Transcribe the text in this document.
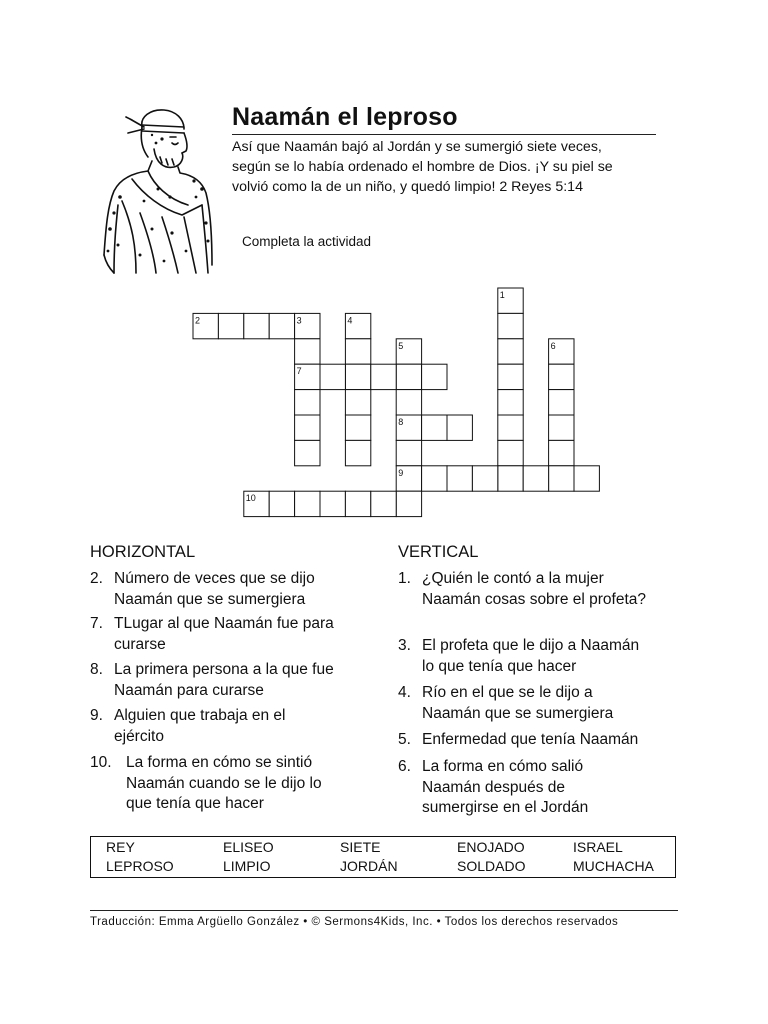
Naamán el leproso
Así que Naamán bajó al Jordán y se sumergió siete veces,
según se lo había ordenado el hombre de Dios. ¡Y su piel se
volvió como la de un niño, y quedó limpio! 2 Reyes 5:14
Completa la actividad
1
2	3	4
5	6
7
8
9
10
HORIZONTAL
2. Número de veces que se dijo
Naamán que se sumergiera
7. TLugar al que Naamán fue para
curarse
8. La primera persona a la que fue
Naamán para curarse
9. Alguien que trabaja en el
ejército
10. La forma en cómo se sintió
Naamán cuando se le dijo lo
que tenía que hacer
VERTICAL
1. ¿Quién le contó a la mujer
Naamán cosas sobre el profeta?
3. El profeta que le dijo a Naamán
lo que tenía que hacer
4. Río en el que se le dijo a
Naamán que se sumergiera
5. Enfermedad que tenía Naamán
6. La forma en cómo salió
Naamán después de
sumergirse en el Jordán
REY	ELISEO	SIETE	ENOJADO	ISRAEL
LEPROSO	LIMPIO	JORDÁN	SOLDADO	MUCHACHA
Traducción: Emma Argüello González • © Sermons4Kids, Inc. • Todos los derechos reservados
